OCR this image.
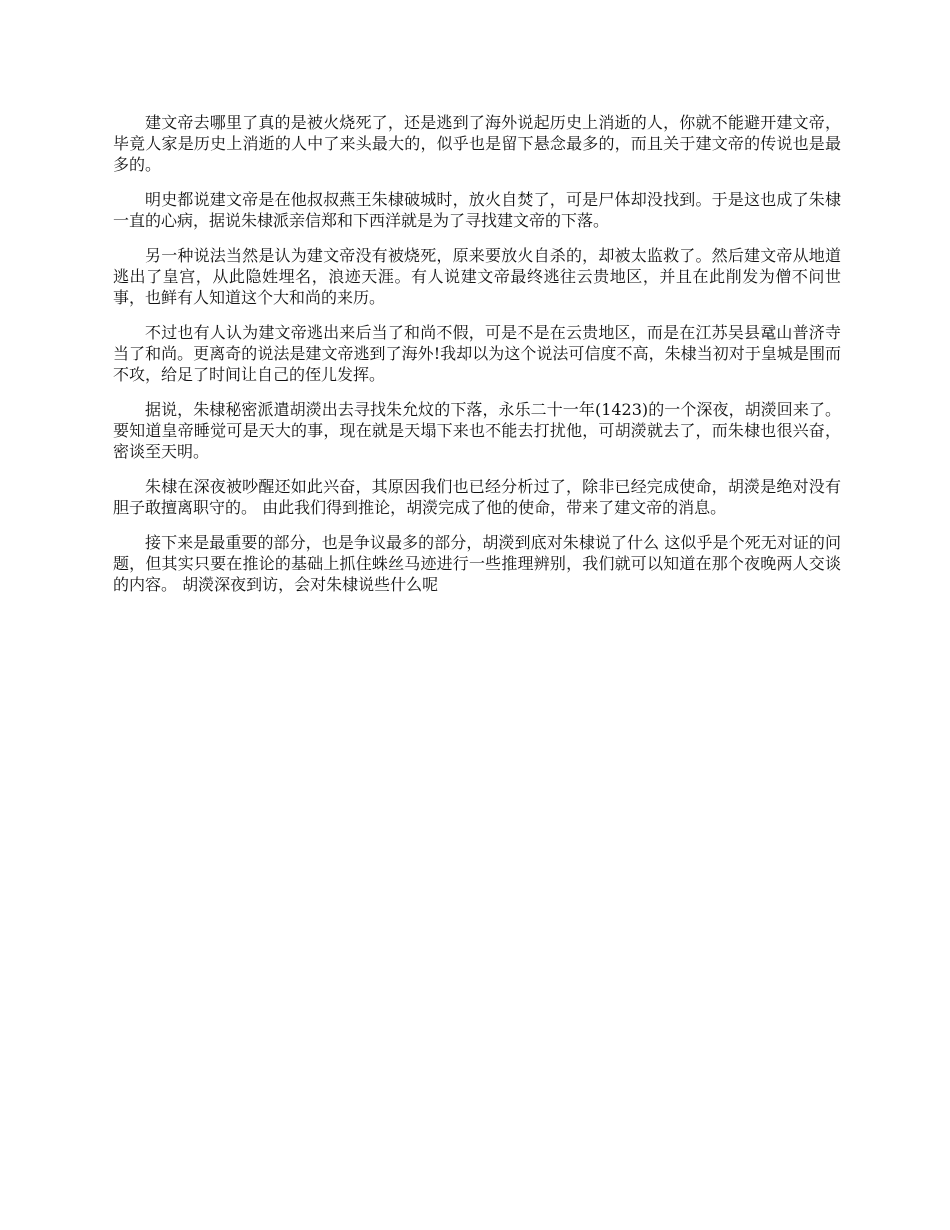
建文帝去哪里了真的是被火烧死了，还是逃到了海外说起历史上消逝的人，你就不能避开建文帝，毕竟人家是历史上消逝的人中了来头最大的，似乎也是留下悬念最多的，而且关于建文帝的传说也是最多的。

明史都说建文帝是在他叔叔燕王朱棣破城时，放火自焚了，可是尸体却没找到。于是这也成了朱棣一直的心病，据说朱棣派亲信郑和下西洋就是为了寻找建文帝的下落。

另一种说法当然是认为建文帝没有被烧死，原来要放火自杀的，却被太监救了。然后建文帝从地道逃出了皇宫，从此隐姓埋名，浪迹天涯。有人说建文帝最终逃往云贵地区，并且在此削发为僧不问世事，也鲜有人知道这个大和尚的来历。

不过也有人认为建文帝逃出来后当了和尚不假，可是不是在云贵地区，而是在江苏吴县鼋山普济寺当了和尚。更离奇的说法是建文帝逃到了海外!我却以为这个说法可信度不高，朱棣当初对于皇城是围而不攻，给足了时间让自己的侄儿发挥。

据说，朱棣秘密派遣胡濙出去寻找朱允炆的下落，永乐二十一年(1423)的一个深夜，胡濙回来了。要知道皇帝睡觉可是天大的事，现在就是天塌下来也不能去打扰他，可胡濙就去了，而朱棣也很兴奋，密谈至天明。

朱棣在深夜被吵醒还如此兴奋，其原因我们也已经分析过了，除非已经完成使命，胡濙是绝对没有胆子敢擅离职守的。 由此我们得到推论，胡濙完成了他的使命，带来了建文帝的消息。

接下来是最重要的部分，也是争议最多的部分，胡濙到底对朱棣说了什么 这似乎是个死无对证的问题，但其实只要在推论的基础上抓住蛛丝马迹进行一些推理辨别，我们就可以知道在那个夜晚两人交谈的内容。 胡濙深夜到访，会对朱棣说些什么呢
